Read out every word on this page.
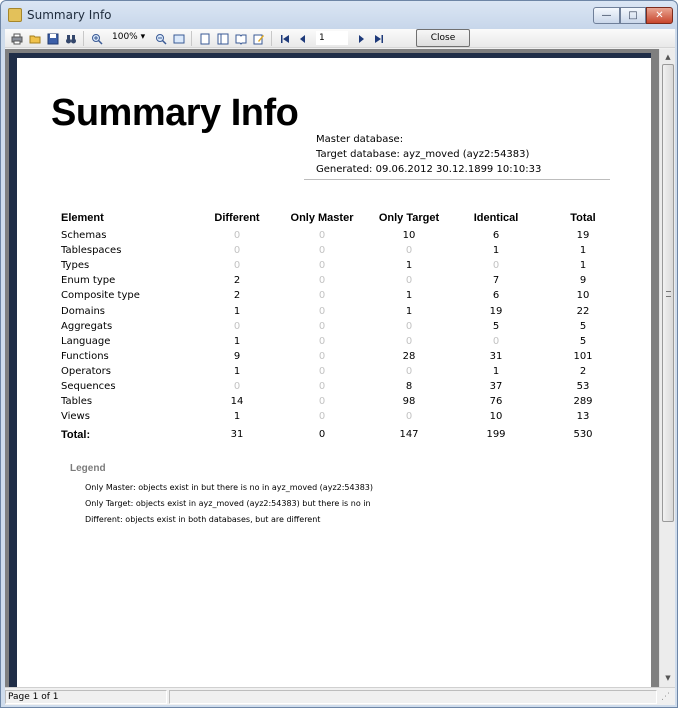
Summary Info	—	□	✕
100% ▾	1	Close
Summary Info
Master database:
Target database: ayz_moved (ayz2:54383)
Generated: 09.06.2012 30.12.1899 10:10:33
Element	Different	Only Master	Only Target	Identical	Total
Schemas	0	0	10	6	19
Tablespaces	0	0	0	1	1
Types	0	0	1	0	1
Enum type	2	0	0	7	9
Composite type	2	0	1	6	10
Domains	1	0	1	19	22
Aggregats	0	0	0	5	5
Language	1	0	0	0	5
Functions	9	0	28	31	101
Operators	1	0	0	1	2
Sequences	0	0	8	37	53
Tables	14	0	98	76	289
Views	1	0	0	10	13
Total:	31	0	147	199	530
Legend
Only Master: objects exist in but there is no in ayz_moved (ayz2:54383)
Only Target: objects exist in ayz_moved (ayz2:54383) but there is no in
Different: objects exist in both databases, but are different
▲
▼
Page 1 of 1	⋰
